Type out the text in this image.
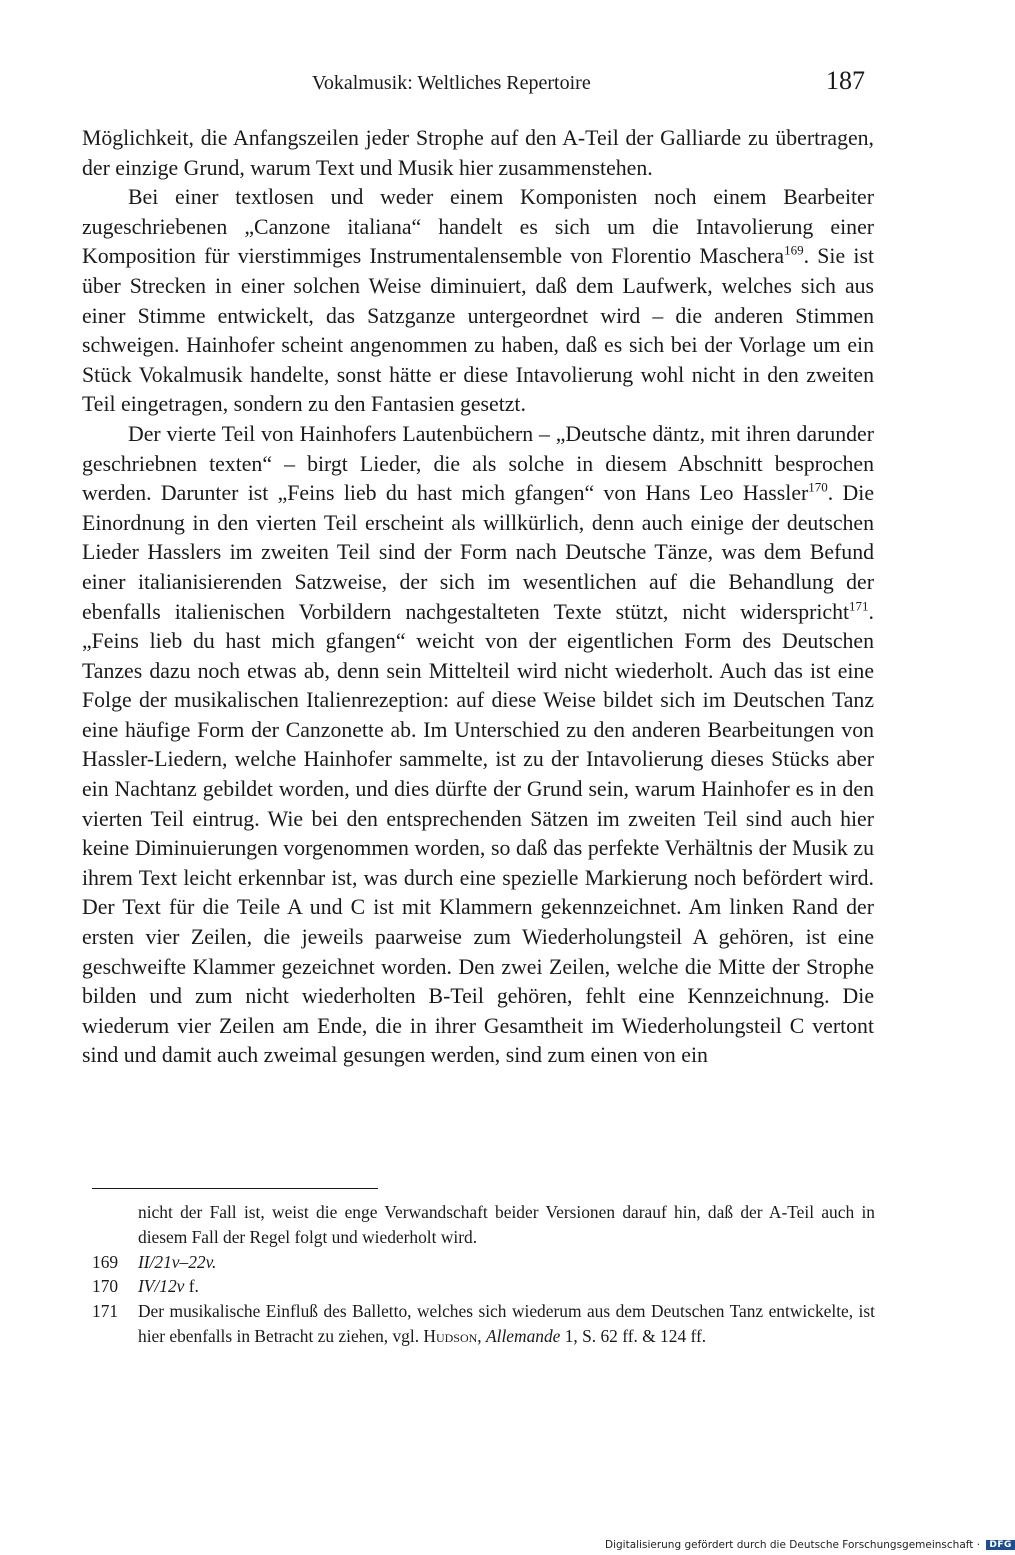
Vokalmusik: Weltliches Repertoire	187

Möglichkeit, die Anfangszeilen jeder Strophe auf den A-Teil der Galliarde zu übertragen, der einzige Grund, warum Text und Musik hier zusammenstehen.

Bei einer textlosen und weder einem Komponisten noch einem Bearbeiter zugeschriebenen „Canzone italiana“ handelt es sich um die Intavolierung einer Komposition für vierstimmiges Instrumentalensemble von Florentio Maschera$^{169}$. Sie ist über Strecken in einer solchen Weise diminuiert, daß dem Laufwerk, welches sich aus einer Stimme entwickelt, das Satzganze untergeordnet wird – die anderen Stimmen schweigen. Hainhofer scheint angenommen zu haben, daß es sich bei der Vorlage um ein Stück Vokalmusik handelte, sonst hätte er diese Intavolierung wohl nicht in den zweiten Teil eingetragen, sondern zu den Fantasien gesetzt.

Der vierte Teil von Hainhofers Lautenbüchern – „Deutsche däntz, mit ihren darunder geschriebnen texten“ – birgt Lieder, die als solche in diesem Abschnitt besprochen werden. Darunter ist „Feins lieb du hast mich gfangen“ von Hans Leo Hassler$^{170}$. Die Einordnung in den vierten Teil erscheint als willkürlich, denn auch einige der deutschen Lieder Hasslers im zweiten Teil sind der Form nach Deutsche Tänze, was dem Befund einer italianisierenden Satzweise, der sich im wesentlichen auf die Behandlung der ebenfalls italienischen Vorbildern nachgestalteten Texte stützt, nicht widerspricht$^{171}$. „Feins lieb du hast mich gfangen“ weicht von der eigentlichen Form des Deutschen Tanzes dazu noch etwas ab, denn sein Mittelteil wird nicht wiederholt. Auch das ist eine Folge der musikalischen Italienrezeption: auf diese Weise bildet sich im Deutschen Tanz eine häufige Form der Canzonette ab. Im Unterschied zu den anderen Bearbeitungen von Hassler-Liedern, welche Hainhofer sammelte, ist zu der Intavolierung dieses Stücks aber ein Nachtanz gebildet worden, und dies dürfte der Grund sein, warum Hainhofer es in den vierten Teil eintrug. Wie bei den entsprechenden Sätzen im zweiten Teil sind auch hier keine Diminuierungen vorgenommen worden, so daß das perfekte Verhältnis der Musik zu ihrem Text leicht erkennbar ist, was durch eine spezielle Markierung noch befördert wird. Der Text für die Teile A und C ist mit Klammern gekennzeichnet. Am linken Rand der ersten vier Zeilen, die jeweils paarweise zum Wiederholungsteil A gehören, ist eine geschweifte Klammer gezeichnet worden. Den zwei Zeilen, welche die Mitte der Strophe bilden und zum nicht wiederholten B-Teil gehören, fehlt eine Kennzeichnung. Die wiederum vier Zeilen am Ende, die in ihrer Gesamtheit im Wiederholungsteil C vertont sind und damit auch zweimal gesungen werden, sind zum einen von ein

nicht der Fall ist, weist die enge Verwandschaft beider Versionen darauf hin, daß der A-Teil auch in diesem Fall der Regel folgt und wiederholt wird.
169	II/21v–22v.
170	IV/12v f.
171	Der musikalische Einfluß des Balletto, welches sich wiederum aus dem Deutschen Tanz entwickelte, ist hier ebenfalls in Betracht zu ziehen, vgl. Hudson, Allemande 1, S. 62 ff. & 124 ff.
Digitalisierung gefördert durch die Deutsche Forschungsgemeinschaft · DFG
